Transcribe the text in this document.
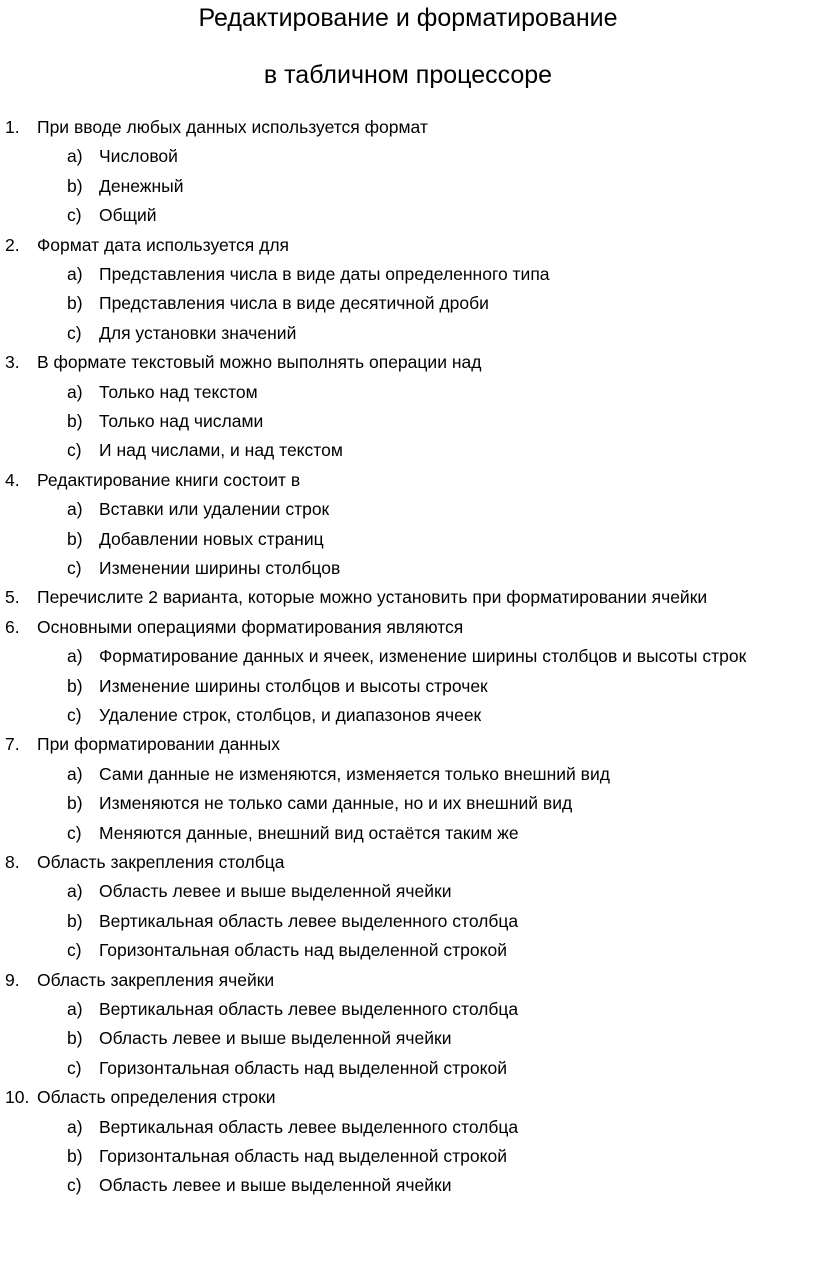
Редактирование и форматирование
в табличном процессоре
1. При вводе любых данных используется формат
a) Числовой
b) Денежный
c) Общий
2. Формат дата используется для
a) Представления числа в виде даты определенного типа
b) Представления числа в виде десятичной дроби
c) Для установки значений
3. В формате текстовый можно выполнять операции над
a) Только над текстом
b) Только над числами
c) И над числами, и над текстом
4. Редактирование книги состоит в
a) Вставки или удалении строк
b) Добавлении новых страниц
c) Изменении ширины столбцов
5. Перечислите 2 варианта, которые можно установить при форматировании ячейки
6. Основными операциями форматирования являются
a) Форматирование данных и ячеек, изменение ширины столбцов и высоты строк
b) Изменение ширины столбцов и высоты строчек
c) Удаление строк, столбцов, и диапазонов ячеек
7. При форматировании данных
a) Сами данные не изменяются, изменяется только внешний вид
b) Изменяются не только сами данные, но и их внешний вид
c) Меняются данные, внешний вид остаётся таким же
8. Область закрепления столбца
a) Область левее и выше выделенной ячейки
b) Вертикальная область левее выделенного столбца
c) Горизонтальная область над выделенной строкой
9. Область закрепления ячейки
a) Вертикальная область левее выделенного столбца
b) Область левее и выше выделенной ячейки
c) Горизонтальная область над выделенной строкой
10. Область определения строки
a) Вертикальная область левее выделенного столбца
b) Горизонтальная область над выделенной строкой
c) Область левее и выше выделенной ячейки
